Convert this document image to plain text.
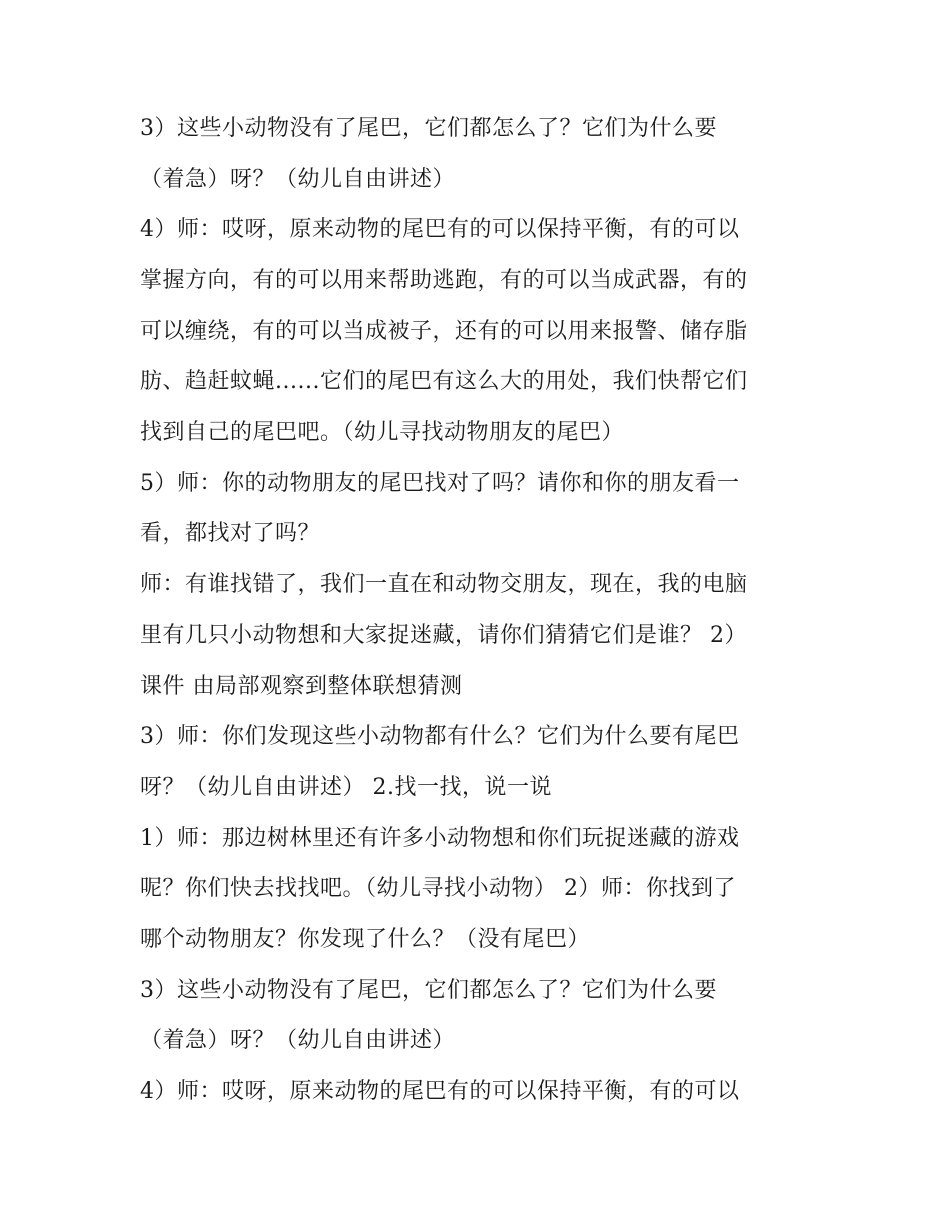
3）这些小动物没有了尾巴，它们都怎么了？它们为什么要
（着急）呀？（幼儿自由讲述）
4）师：哎呀，原来动物的尾巴有的可以保持平衡，有的可以
掌握方向，有的可以用来帮助逃跑，有的可以当成武器，有的
可以缠绕，有的可以当成被子，还有的可以用来报警、储存脂
肪、趋赶蚊蝇......它们的尾巴有这么大的用处，我们快帮它们
找到自己的尾巴吧。（幼儿寻找动物朋友的尾巴）
5）师：你的动物朋友的尾巴找对了吗？请你和你的朋友看一
看，都找对了吗？
师：有谁找错了，我们一直在和动物交朋友，现在，我的电脑
里有几只小动物想和大家捉迷藏，请你们猜猜它们是谁？ 2）
课件 由局部观察到整体联想猜测
3）师：你们发现这些小动物都有什么？它们为什么要有尾巴
呀？（幼儿自由讲述） 2.找一找，说一说
1）师：那边树林里还有许多小动物想和你们玩捉迷藏的游戏
呢？你们快去找找吧。（幼儿寻找小动物） 2）师：你找到了
哪个动物朋友？你发现了什么？（没有尾巴）
3）这些小动物没有了尾巴，它们都怎么了？它们为什么要
（着急）呀？（幼儿自由讲述）
4）师：哎呀，原来动物的尾巴有的可以保持平衡，有的可以
